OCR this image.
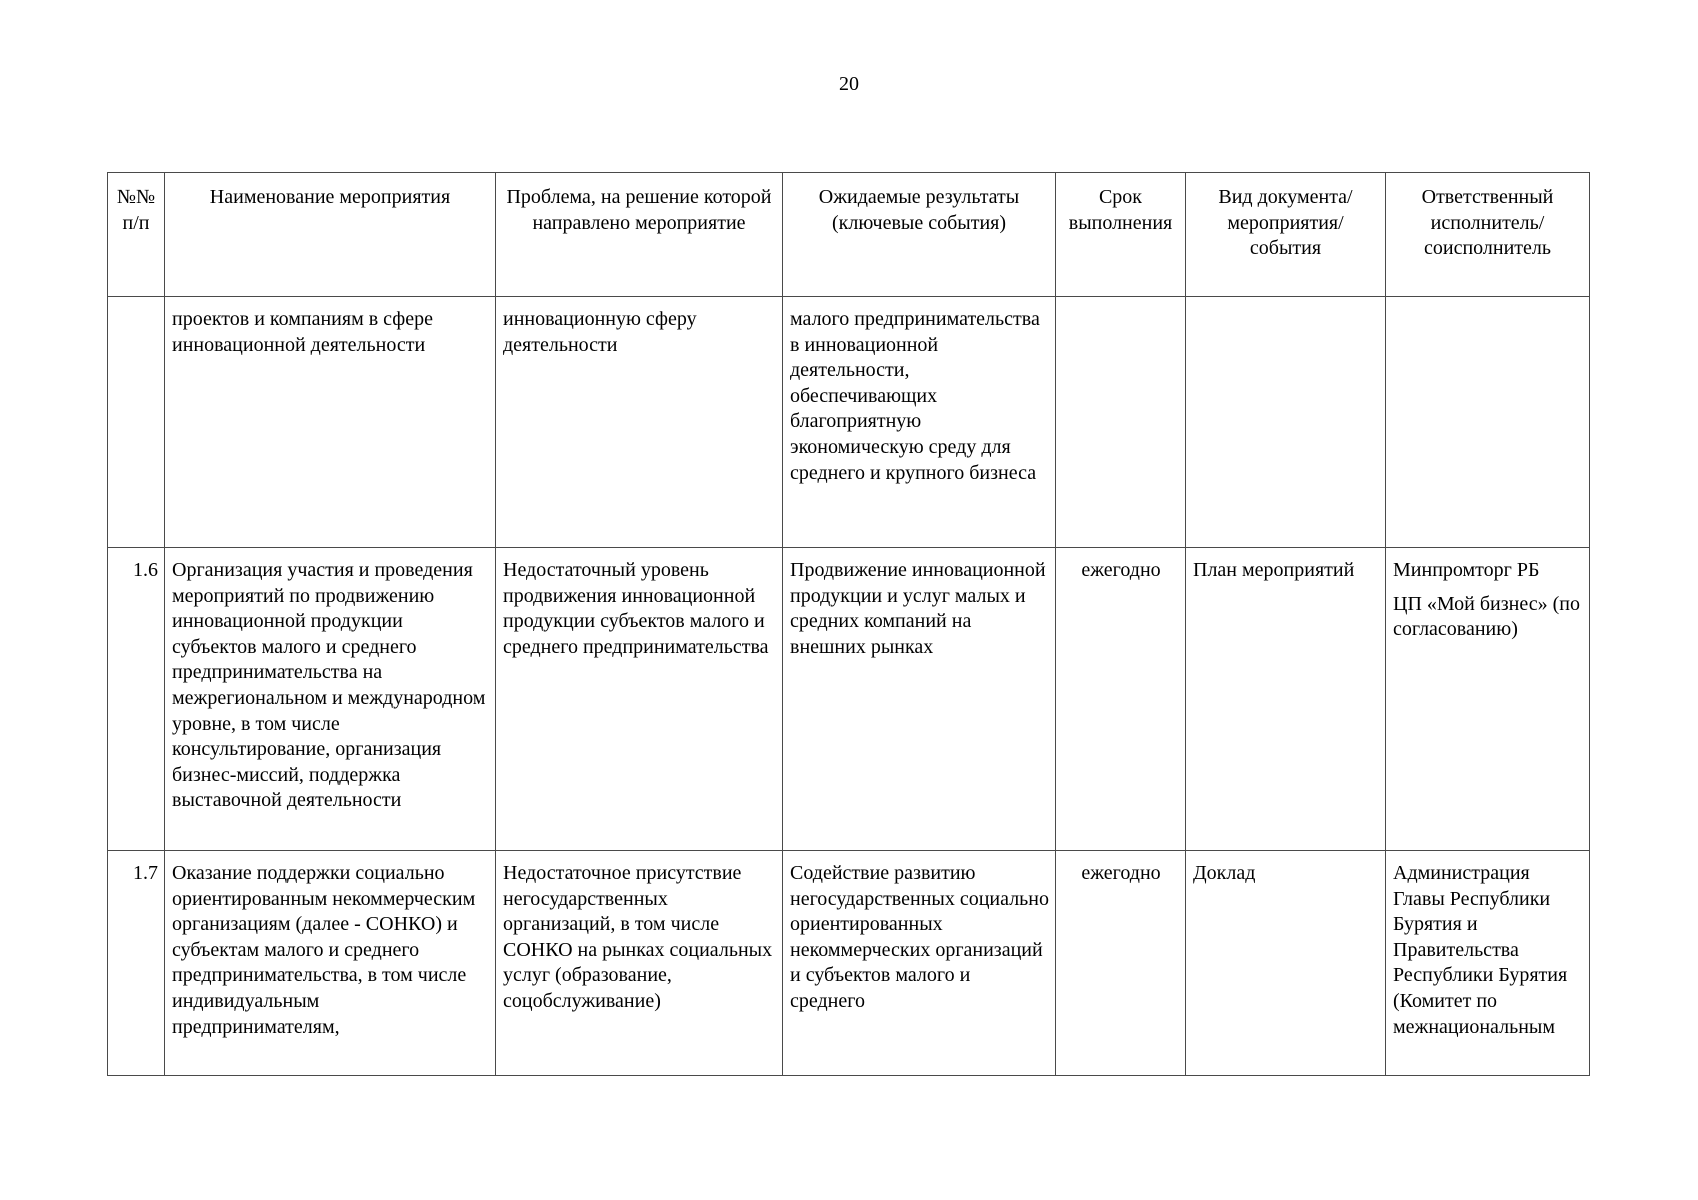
20
№№ п/п	Наименование мероприятия	Проблема, на решение которой направлено мероприятие	Ожидаемые результаты (ключевые события)	Срок выполнения	Вид документа/ мероприятия/ события	Ответственный исполнитель/ соисполнитель
	проектов и компаниям в сфере инновационной деятельности	инновационную сферу деятельности	малого предпринимательства в инновационной деятельности, обеспечивающих благоприятную экономическую среду для среднего и крупного бизнеса			

1.6	Организация участия и проведения мероприятий по продвижению инновационной продукции субъектов малого и среднего предпринимательства на межрегиональном и международном уровне, в том числе консультирование, организация бизнес-миссий, поддержка выставочной деятельности	Недостаточный уровень продвижения инновационной продукции субъектов малого и среднего предпринимательства	Продвижение инновационной продукции и услуг малых и средних компаний на внешних рынках	ежегодно	План мероприятий	Минпромторг РБ
ЦП «Мой бизнес» (по согласованию)

1.7	Оказание поддержки социально ориентированным некоммерческим организациям (далее - СОНКО) и субъектам малого и среднего предпринимательства, в том числе индивидуальным предпринимателям,	Недостаточное присутствие негосударственных организаций, в том числе СОНКО на рынках социальных услуг (образование, соцобслуживание)	Содействие развитию негосударственных социально ориентированных некоммерческих организаций и субъектов малого и среднего	ежегодно	Доклад	Администрация Главы Республики Бурятия и Правительства Республики Бурятия (Комитет по межнациональным
